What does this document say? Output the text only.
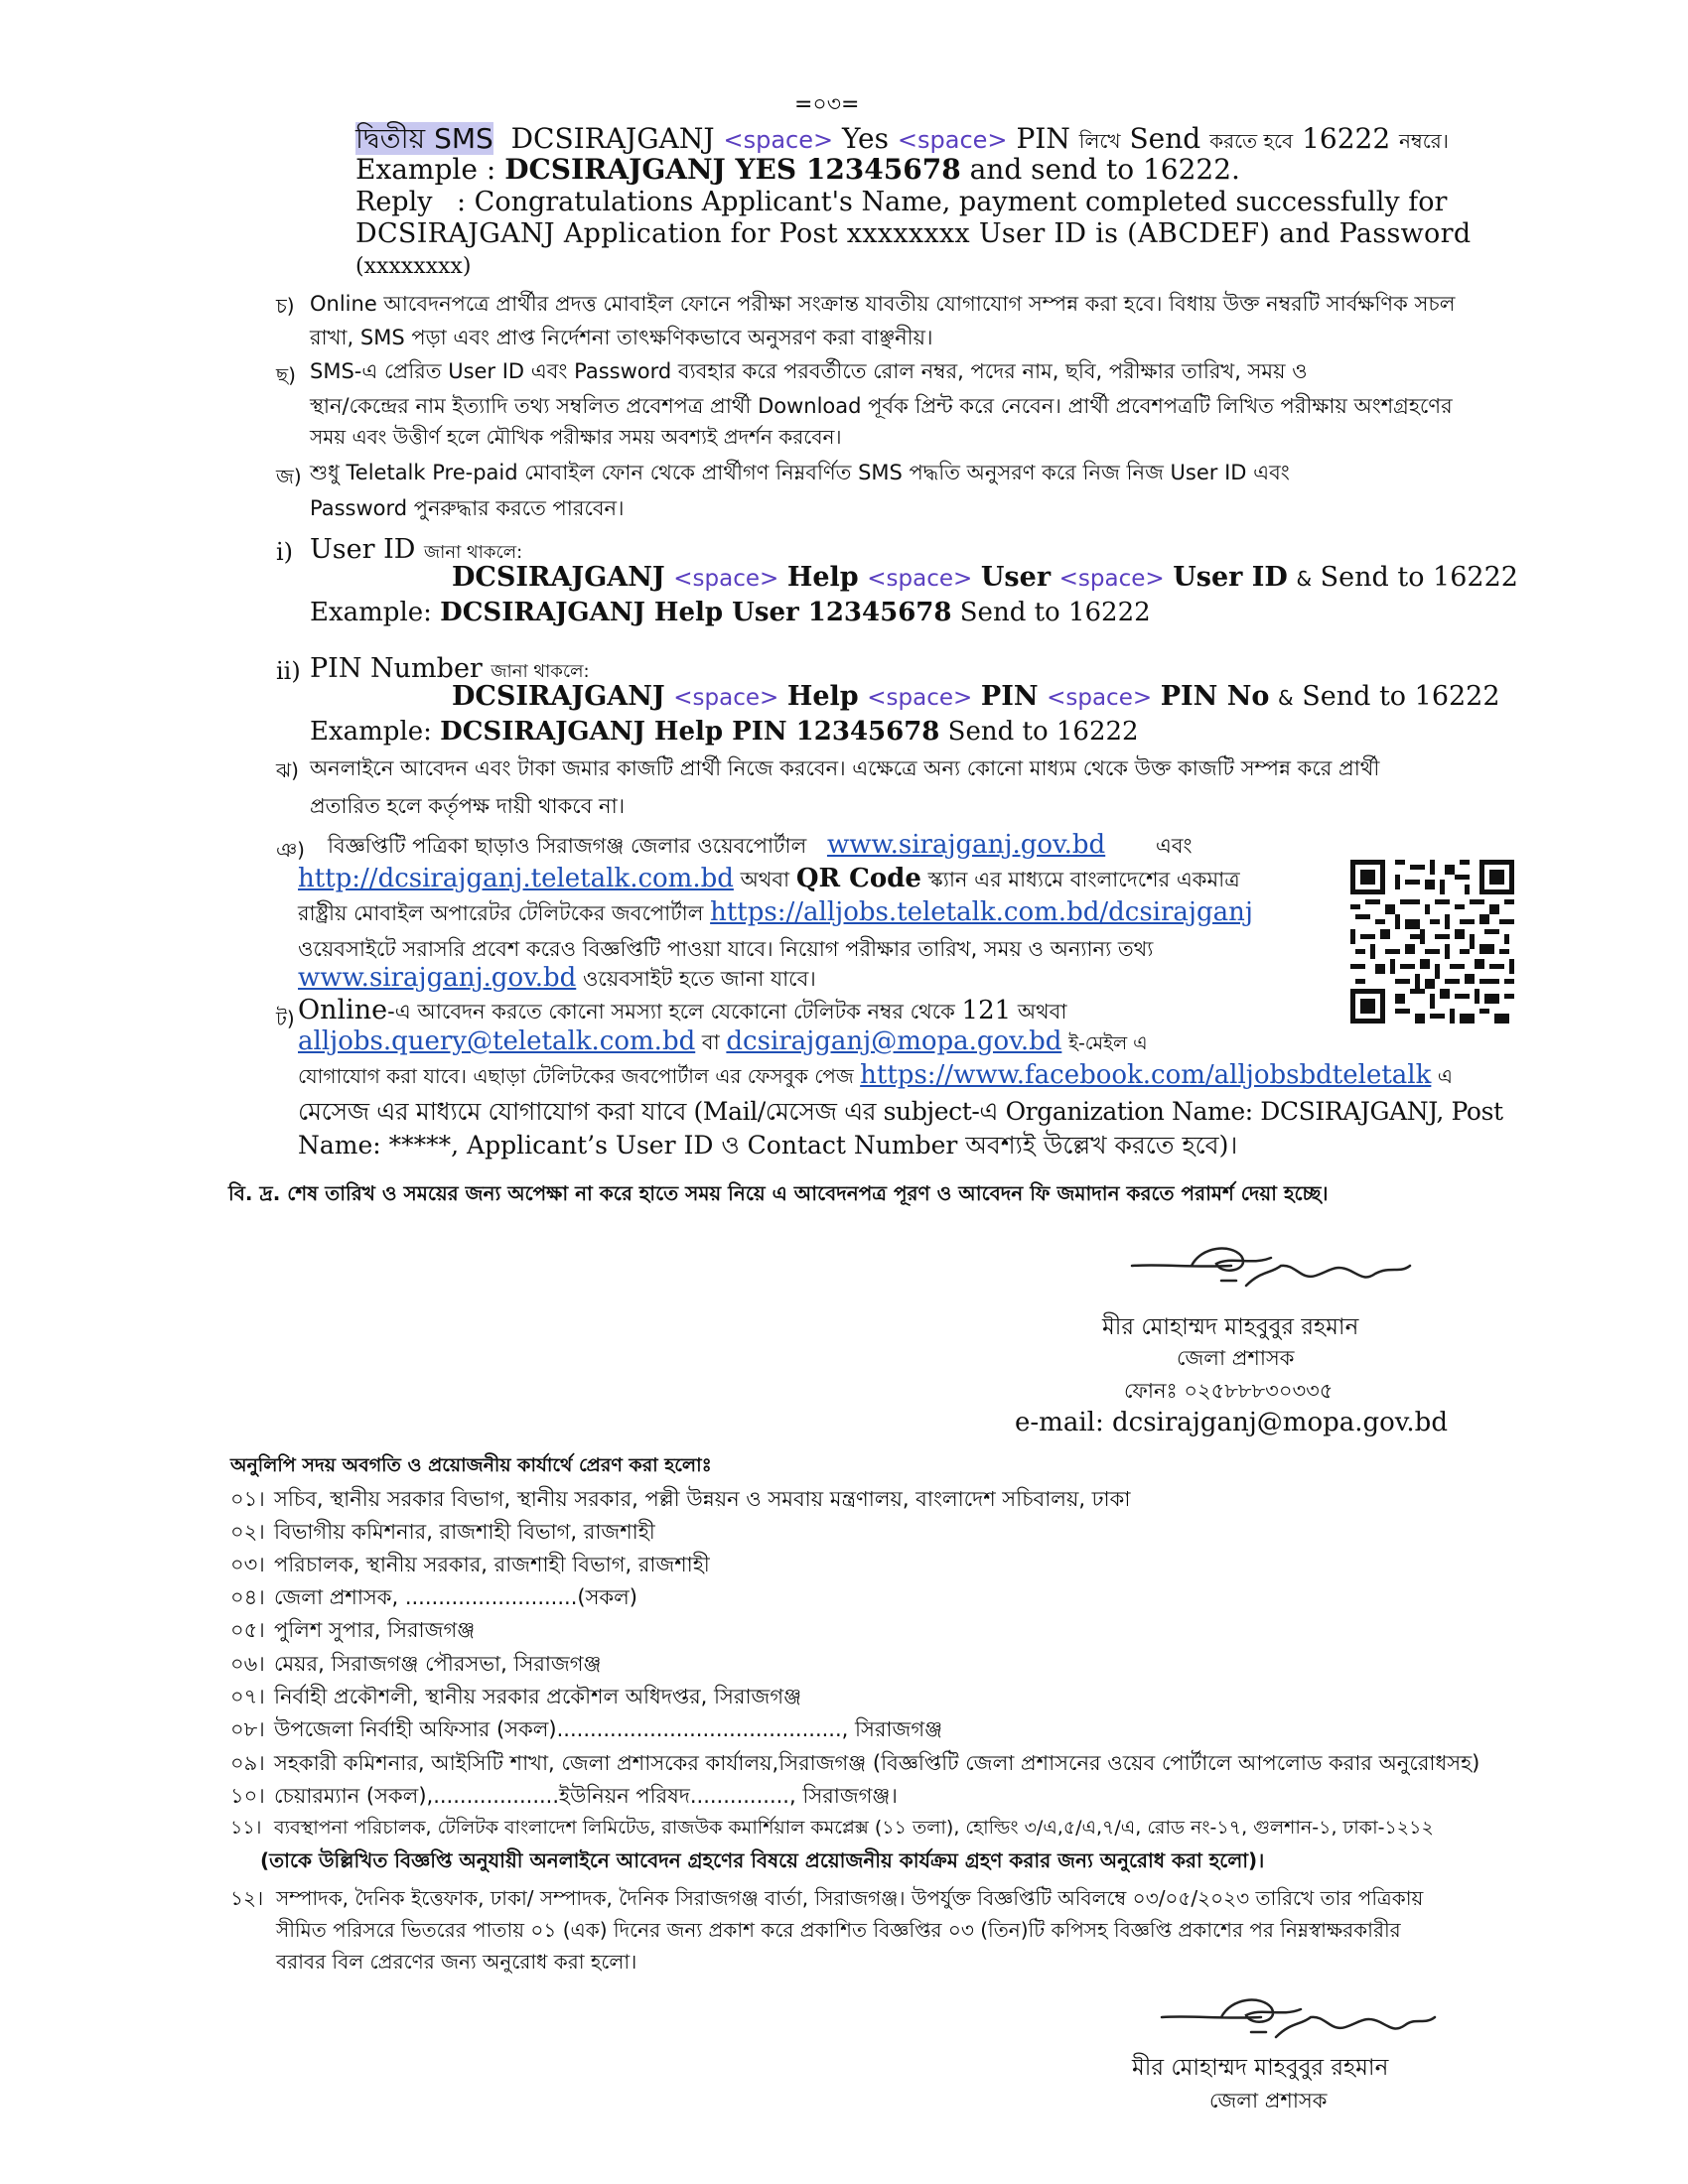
=০৩=
দ্বিতীয় SMS DCSIRAJGANJ <space> Yes <space> PIN লিখে Send করতে হবে 16222 নম্বরে।
Example : DCSIRAJGANJ YES 12345678 and send to 16222.
Reply : Congratulations Applicant's Name, payment completed successfully for
DCSIRAJGANJ Application for Post xxxxxxxx User ID is (ABCDEF) and Password
(xxxxxxxx)
চ) Online আবেদনপত্রে প্রার্থীর প্রদত্ত মোবাইল ফোনে পরীক্ষা সংক্রান্ত যাবতীয় যোগাযোগ সম্পন্ন করা হবে। বিধায় উক্ত নম্বরটি সার্বক্ষণিক সচল
রাখা, SMS পড়া এবং প্রাপ্ত নির্দেশনা তাৎক্ষণিকভাবে অনুসরণ করা বাঞ্ছনীয়।
ছ) SMS-এ প্রেরিত User ID এবং Password ব্যবহার করে পরবর্তীতে রোল নম্বর, পদের নাম, ছবি, পরীক্ষার তারিখ, সময় ও
স্থান/কেন্দ্রের নাম ইত্যাদি তথ্য সম্বলিত প্রবেশপত্র প্রার্থী Download পূর্বক প্রিন্ট করে নেবেন। প্রার্থী প্রবেশপত্রটি লিখিত পরীক্ষায় অংশগ্রহণের
সময় এবং উত্তীর্ণ হলে মৌখিক পরীক্ষার সময় অবশ্যই প্রদর্শন করবেন।
জ) শুধু Teletalk Pre-paid মোবাইল ফোন থেকে প্রার্থীগণ নিম্নবর্ণিত SMS পদ্ধতি অনুসরণ করে নিজ নিজ User ID এবং
Password পুনরুদ্ধার করতে পারবেন।
i) User ID জানা থাকলে:
DCSIRAJGANJ <space> Help <space> User <space> User ID & Send to 16222
Example: DCSIRAJGANJ Help User 12345678 Send to 16222
ii) PIN Number জানা থাকলে:
DCSIRAJGANJ <space> Help <space> PIN <space> PIN No & Send to 16222
Example: DCSIRAJGANJ Help PIN 12345678 Send to 16222
ঝ) অনলাইনে আবেদন এবং টাকা জমার কাজটি প্রার্থী নিজে করবেন। এক্ষেত্রে অন্য কোনো মাধ্যম থেকে উক্ত কাজটি সম্পন্ন করে প্রার্থী
প্রতারিত হলে কর্তৃপক্ষ দায়ী থাকবে না।
ঞ) বিজ্ঞপ্তিটি পত্রিকা ছাড়াও সিরাজগঞ্জ জেলার ওয়েবপোর্টাল www.sirajganj.gov.bd এবং
http://dcsirajganj.teletalk.com.bd অথবা QR Code স্ক্যান এর মাধ্যমে বাংলাদেশের একমাত্র
রাষ্ট্রীয় মোবাইল অপারেটর টেলিটকের জবপোর্টাল https://alljobs.teletalk.com.bd/dcsirajganj
ওয়েবসাইটে সরাসরি প্রবেশ করেও বিজ্ঞপ্তিটি পাওয়া যাবে। নিয়োগ পরীক্ষার তারিখ, সময় ও অন্যান্য তথ্য
www.sirajganj.gov.bd ওয়েবসাইট হতে জানা যাবে।
ট) Online-এ আবেদন করতে কোনো সমস্যা হলে যেকোনো টেলিটক নম্বর থেকে 121 অথবা
alljobs.query@teletalk.com.bd বা dcsirajganj@mopa.gov.bd ই-মেইল এ
যোগাযোগ করা যাবে। এছাড়া টেলিটকের জবপোর্টাল এর ফেসবুক পেজ https://www.facebook.com/alljobsbdteletalk এ
মেসেজ এর মাধ্যমে যোগাযোগ করা যাবে (Mail/মেসেজ এর subject-এ Organization Name: DCSIRAJGANJ, Post
Name: *****, Applicant’s User ID ও Contact Number অবশ্যই উল্লেখ করতে হবে)।
বি. দ্র. শেষ তারিখ ও সময়ের জন্য অপেক্ষা না করে হাতে সময় নিয়ে এ আবেদনপত্র পূরণ ও আবেদন ফি জমাদান করতে পরামর্শ দেয়া হচ্ছে।
মীর মোহাম্মদ মাহবুবুর রহমান
জেলা প্রশাসক
ফোনঃ ০২৫৮৮৮৩০৩৩৫
e-mail: dcsirajganj@mopa.gov.bd
অনুলিপি সদয় অবগতি ও প্রয়োজনীয় কার্যার্থে প্রেরণ করা হলোঃ
০১। সচিব, স্থানীয় সরকার বিভাগ, স্থানীয় সরকার, পল্লী উন্নয়ন ও সমবায় মন্ত্রণালয়, বাংলাদেশ সচিবালয়, ঢাকা
০২। বিভাগীয় কমিশনার, রাজশাহী বিভাগ, রাজশাহী
০৩। পরিচালক, স্থানীয় সরকার, রাজশাহী বিভাগ, রাজশাহী
০৪। জেলা প্রশাসক, ..........................(সকল)
০৫। পুলিশ সুপার, সিরাজগঞ্জ
০৬। মেয়র, সিরাজগঞ্জ পৌরসভা, সিরাজগঞ্জ
০৭। নির্বাহী প্রকৌশলী, স্থানীয় সরকার প্রকৌশল অধিদপ্তর, সিরাজগঞ্জ
০৮। উপজেলা নির্বাহী অফিসার (সকল)..........................................., সিরাজগঞ্জ
০৯। সহকারী কমিশনার, আইসিটি শাখা, জেলা প্রশাসকের কার্যালয়,সিরাজগঞ্জ (বিজ্ঞপ্তিটি জেলা প্রশাসনের ওয়েব পোর্টালে আপলোড করার অনুরোধসহ)
১০। চেয়ারম্যান (সকল),...................ইউনিয়ন পরিষদ..............., সিরাজগঞ্জ।
১১। ব্যবস্থাপনা পরিচালক, টেলিটক বাংলাদেশ লিমিটেড, রাজউক কমার্শিয়াল কমপ্লেক্স (১১ তলা), হোল্ডিং ৩/এ,৫/এ,৭/এ, রোড নং-১৭, গুলশান-১, ঢাকা-১২১২
(তাকে উল্লিখিত বিজ্ঞপ্তি অনুযায়ী অনলাইনে আবেদন গ্রহণের বিষয়ে প্রয়োজনীয় কার্যক্রম গ্রহণ করার জন্য অনুরোধ করা হলো)।
১২। সম্পাদক, দৈনিক ইত্তেফাক, ঢাকা/ সম্পাদক, দৈনিক সিরাজগঞ্জ বার্তা, সিরাজগঞ্জ। উপর্যুক্ত বিজ্ঞপ্তিটি অবিলম্বে ০৩/০৫/২০২৩ তারিখে তার পত্রিকায়
সীমিত পরিসরে ভিতরের পাতায় ০১ (এক) দিনের জন্য প্রকাশ করে প্রকাশিত বিজ্ঞপ্তির ০৩ (তিন)টি কপিসহ বিজ্ঞপ্তি প্রকাশের পর নিম্নস্বাক্ষরকারীর
বরাবর বিল প্রেরণের জন্য অনুরোধ করা হলো।
মীর মোহাম্মদ মাহবুবুর রহমান
জেলা প্রশাসক
